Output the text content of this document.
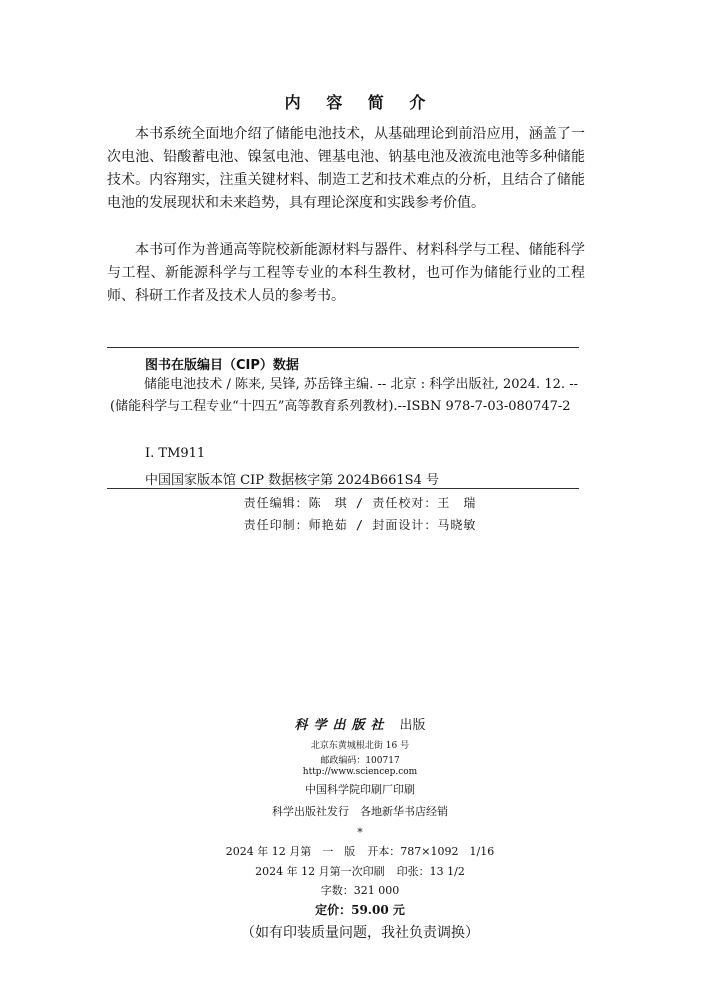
内 容 简 介

本书系统全面地介绍了储能电池技术，从基础理论到前沿应用，涵盖了一次电池、铅酸蓄电池、镍氢电池、锂基电池、钠基电池及液流电池等多种储能技术。内容翔实，注重关键材料、制造工艺和技术难点的分析，且结合了储能电池的发展现状和未来趋势，具有理论深度和实践参考价值。

本书可作为普通高等院校新能源材料与器件、材料科学与工程、储能科学与工程、新能源科学与工程等专业的本科生教材，也可作为储能行业的工程师、科研工作者及技术人员的参考书。

图书在版编目（CIP）数据

储能电池技术 / 陈来, 吴锋, 苏岳锋主编. -- 北京 : 科学出版社, 2024. 12. -- (储能科学与工程专业“十四五”高等教育系列教材).--ISBN 978-7-03-080747-2

Ⅰ. TM911
中国国家版本馆 CIP 数据核字第 2024B661S4 号
责任编辑：陈　琪 / 责任校对：王　瑞
责任印制：师艳茹 / 封面设计：马晓敏
科学出版社 出版
北京东黄城根北街 16 号
邮政编码：100717
http://www.sciencep.com
中国科学院印刷厂印刷
科学出版社发行　各地新华书店经销
*
2024 年 12 月第　一　版 开本：787×1092　1/16
2024 年 12 月第一次印刷 印张：13 1/2
字数：321 000
定价：59.00 元
（如有印装质量问题，我社负责调换）
